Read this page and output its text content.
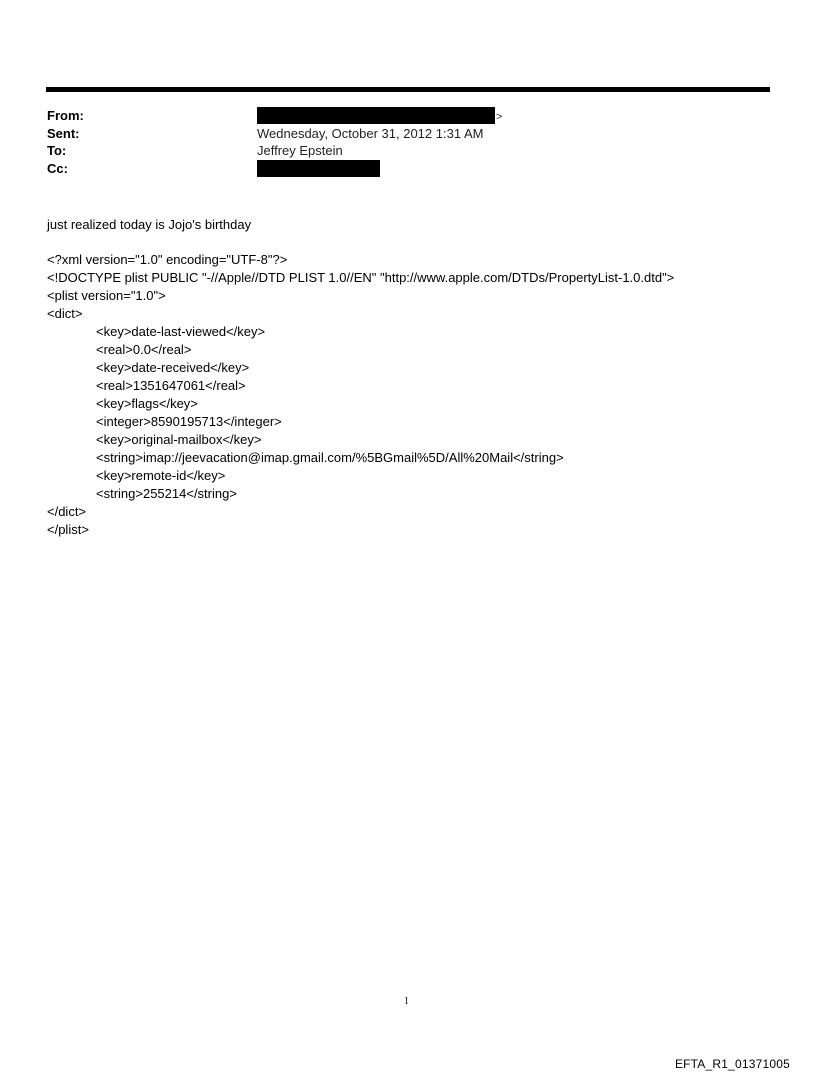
From:	>
Sent:	Wednesday, October 31, 2012 1:31 AM
To:	Jeffrey Epstein
Cc:

just realized today is Jojo's birthday

<?xml version="1.0" encoding="UTF-8"?>

<!DOCTYPE plist PUBLIC "-//Apple//DTD PLIST 1.0//EN" "http://www.apple.com/DTDs/PropertyList-1.0.dtd">

<plist version="1.0">

<dict>

<key>date-last-viewed</key>

<real>0.0</real>

<key>date-received</key>

<real>1351647061</real>

<key>flags</key>

<integer>8590195713</integer>

<key>original-mailbox</key>

<string>imap://jeevacation@imap.gmail.com/%5BGmail%5D/All%20Mail</string>

<key>remote-id</key>

<string>255214</string>

</dict>

</plist>

1
EFTA_R1_01371005
